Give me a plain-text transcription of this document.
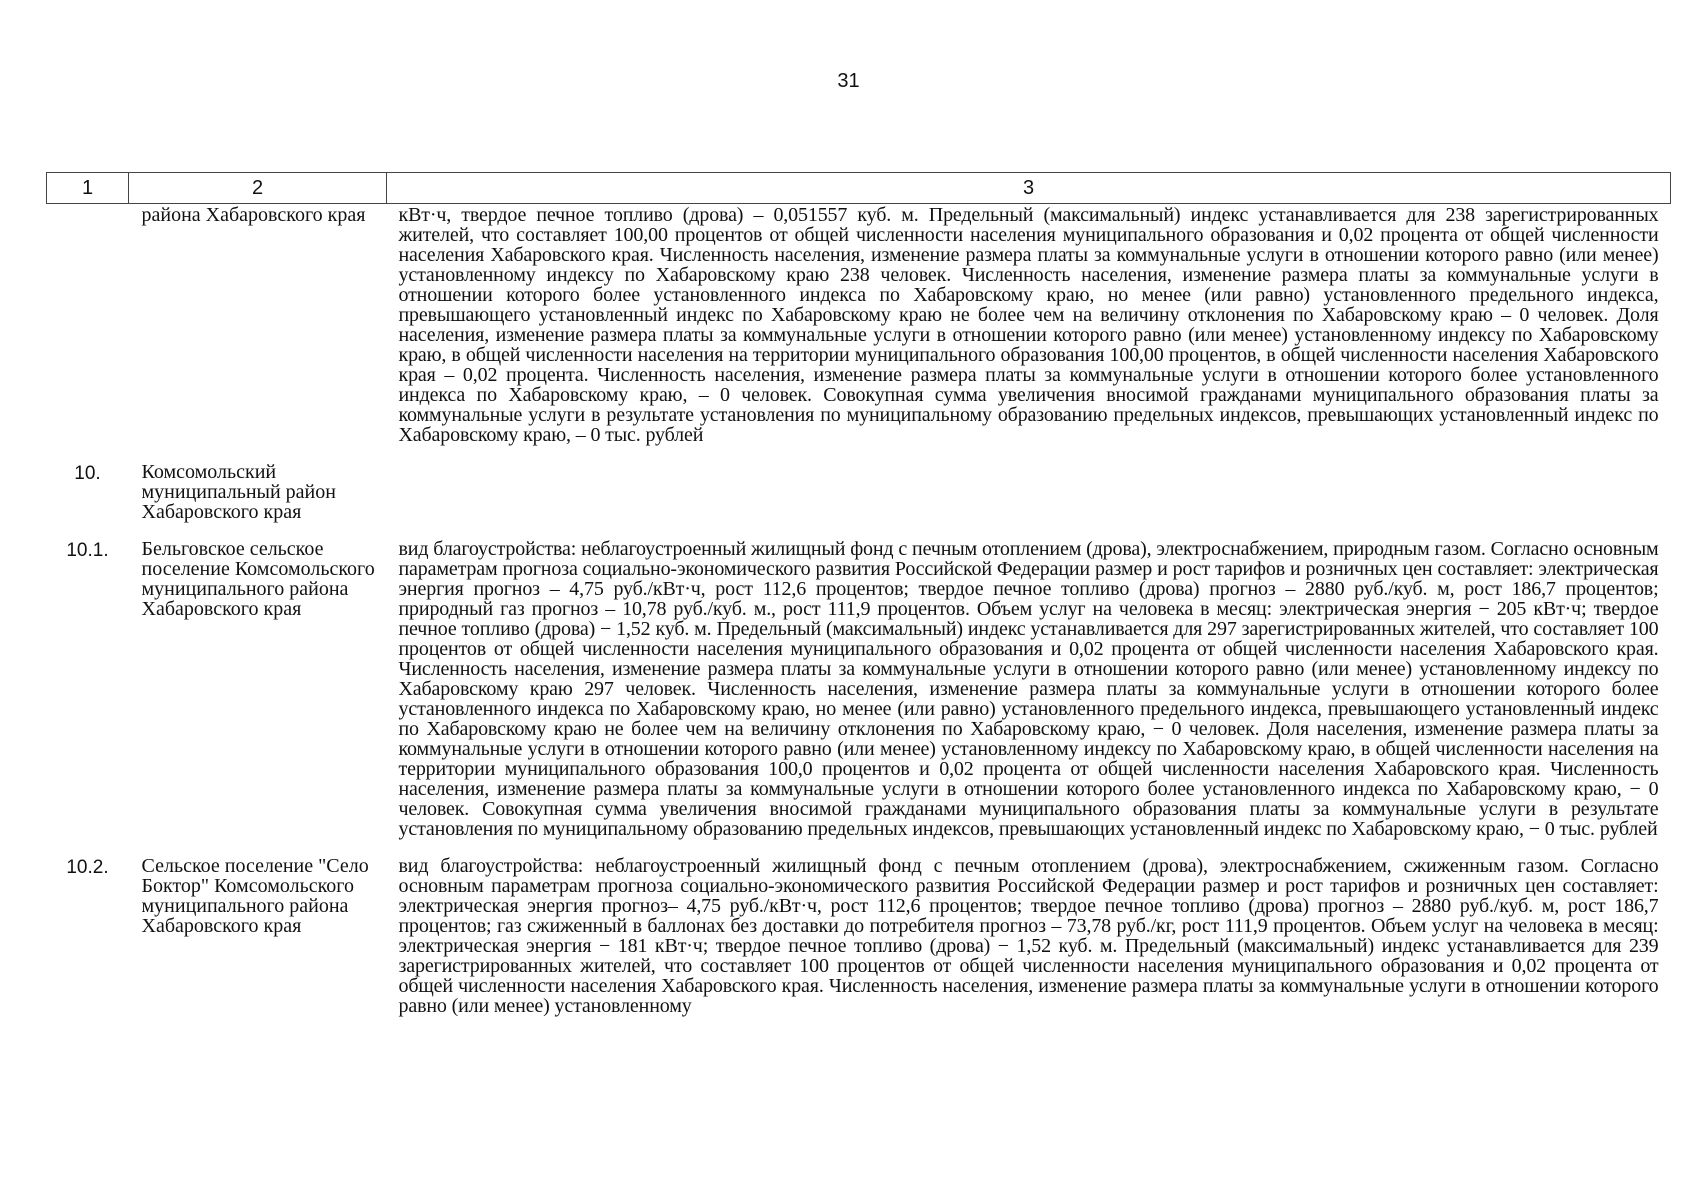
31
1	2	3
	района Хабаровского края	кВт·ч, твердое печное топливо (дрова) – 0,051557 куб. м. Предельный (максимальный) индекс устанавливается для 238 зарегистрированных жителей, что составляет 100,00 процентов от общей численности населения муниципального образования и 0,02 процента от общей численности населения Хабаровского края. Численность населения, изменение размера платы за коммунальные услуги в отношении которого равно (или менее) установленному индексу по Хабаровскому краю 238 человек. Численность населения, изменение размера платы за коммунальные услуги в отношении которого более установленного индекса по Хабаровскому краю, но менее (или равно) установленного предельного индекса, превышающего установленный индекс по Хабаровскому краю не более чем на величину отклонения по Хабаровскому краю – 0 человек. Доля населения, изменение размера платы за коммунальные услуги в отношении которого равно (или менее) установленному индексу по Хабаровскому краю, в общей численности населения на территории муниципального образования 100,00 процентов, в общей численности населения Хабаровского края – 0,02 процента. Численность населения, изменение размера платы за коммунальные услуги в отношении которого более установленного индекса по Хабаровскому краю, – 0 человек. Совокупная сумма увеличения вносимой гражданами муниципального образования платы за коммунальные услуги в результате установления по муниципальному образованию предельных индексов, превышающих установленный индекс по Хабаровскому краю, – 0 тыс. рублей
10.	Комсомольский муниципальный район Хабаровского края	
10.1.	Бельговское сельское поселение Комсомольского муниципального района Хабаровского края	вид благоустройства: неблагоустроенный жилищный фонд с печным отоплением (дрова), электроснабжением, природным газом. Согласно основным параметрам прогноза социально-экономического развития Российской Федерации размер и рост тарифов и розничных цен составляет: электрическая энергия прогноз – 4,75 руб./кВт·ч, рост 112,6 процентов; твердое печное топливо (дрова) прогноз – 2880 руб./куб. м, рост 186,7 процентов; природный газ прогноз – 10,78 руб./куб. м., рост 111,9 процентов. Объем услуг на человека в месяц: электрическая энергия − 205 кВт·ч; твердое печное топливо (дрова) − 1,52 куб. м. Предельный (максимальный) индекс устанавливается для 297 зарегистрированных жителей, что составляет 100 процентов от общей численности населения муниципального образования и 0,02 процента от общей численности населения Хабаровского края. Численность населения, изменение размера платы за коммунальные услуги в отношении которого равно (или менее) установленному индексу по Хабаровскому краю 297 человек. Численность населения, изменение размера платы за коммунальные услуги в отношении которого более установленного индекса по Хабаровскому краю, но менее (или равно) установленного предельного индекса, превышающего установленный индекс по Хабаровскому краю не более чем на величину отклонения по Хабаровскому краю, − 0 человек. Доля населения, изменение размера платы за коммунальные услуги в отношении которого равно (или менее) установленному индексу по Хабаровскому краю, в общей численности населения на территории муниципального образования 100,0 процентов и 0,02 процента от общей численности населения Хабаровского края. Численность населения, изменение размера платы за коммунальные услуги в отношении которого более установленного индекса по Хабаровскому краю, − 0 человек. Совокупная сумма увеличения вносимой гражданами муниципального образования платы за коммунальные услуги в результате установления по муниципальному образованию предельных индексов, превышающих установленный индекс по Хабаровскому краю, − 0 тыс. рублей
10.2.	Сельское поселение "Село Боктор" Комсомольского муниципального района Хабаровского края	вид благоустройства: неблагоустроенный жилищный фонд с печным отоплением (дрова), электроснабжением, сжиженным газом. Согласно основным параметрам прогноза социально-экономического развития Российской Федерации размер и рост тарифов и розничных цен составляет: электрическая энергия прогноз– 4,75 руб./кВт·ч, рост 112,6 процентов; твердое печное топливо (дрова) прогноз – 2880 руб./куб. м, рост 186,7 процентов; газ сжиженный в баллонах без доставки до потребителя прогноз – 73,78 руб./кг, рост 111,9 процентов. Объем услуг на человека в месяц: электрическая энергия − 181 кВт·ч; твердое печное топливо (дрова) − 1,52 куб. м. Предельный (максимальный) индекс устанавливается для 239 зарегистрированных жителей, что составляет 100 процентов от общей численности населения муниципального образования и 0,02 процента от общей численности населения Хабаровского края. Численность населения, изменение размера платы за коммунальные услуги в отношении которого равно (или менее) установленному
